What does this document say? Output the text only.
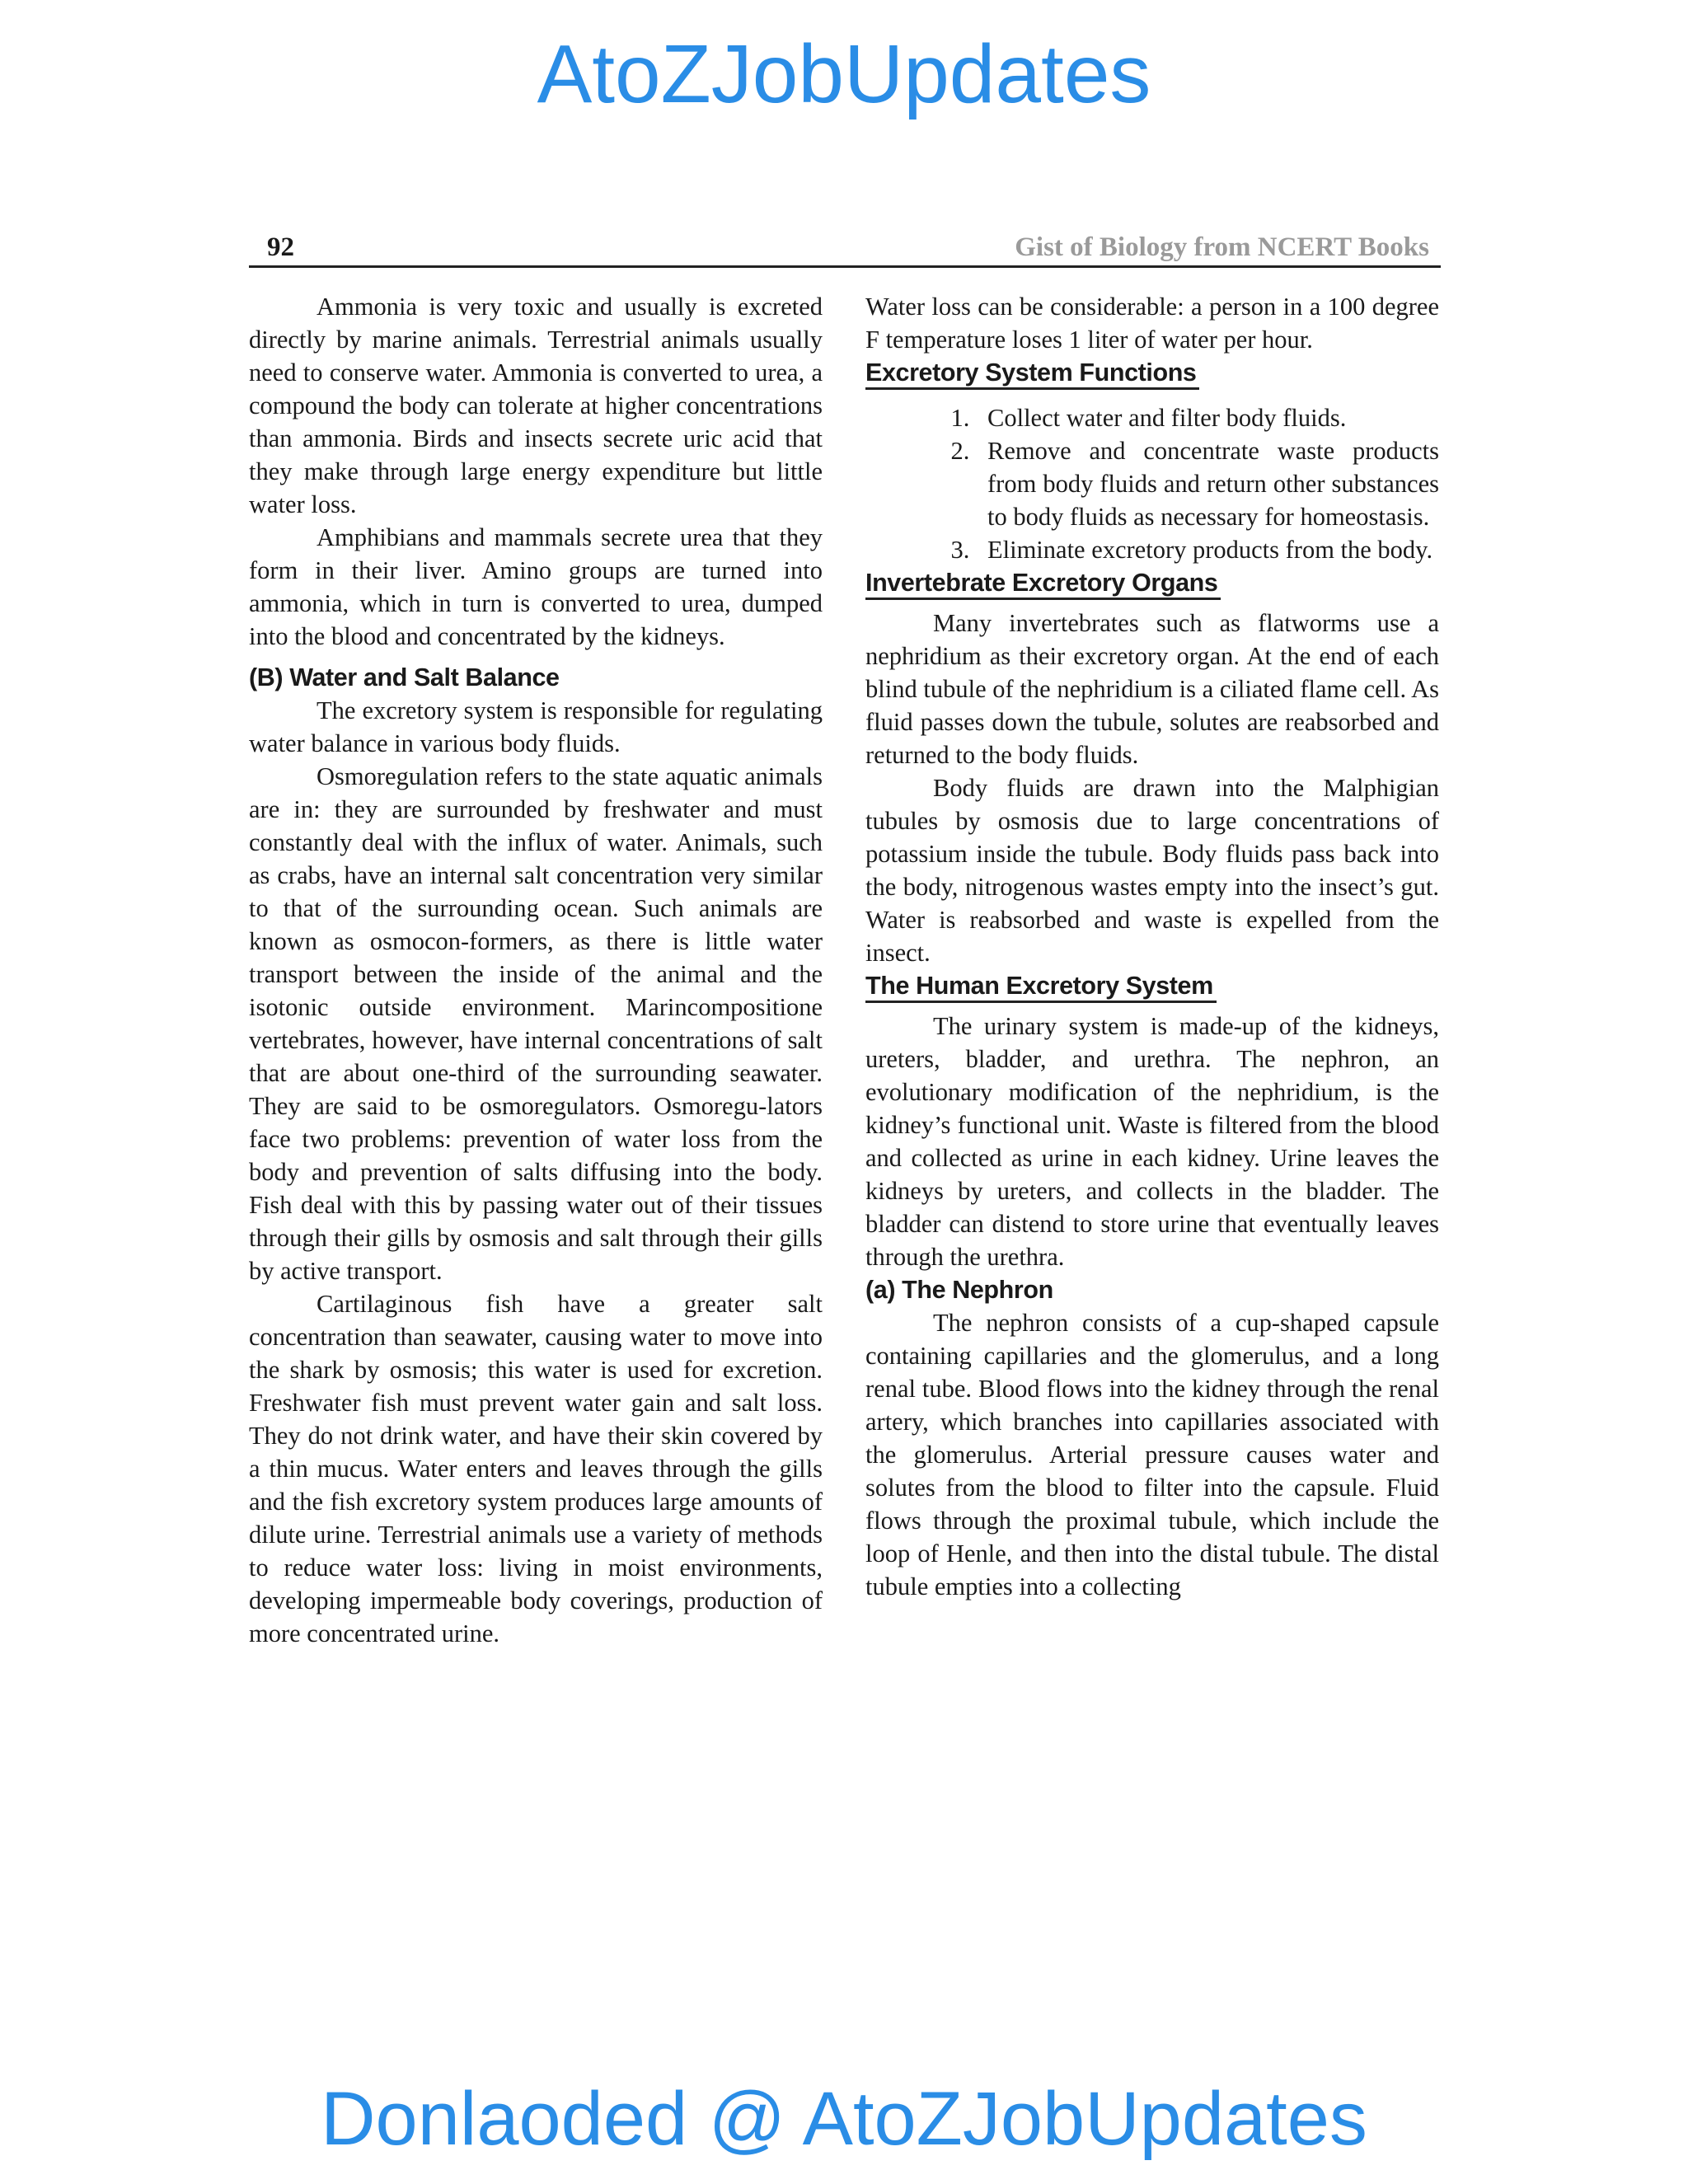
AtoZJobUpdates
92	Gist of Biology from NCERT Books

Ammonia is very toxic and usually is excreted directly by marine animals. Terrestrial animals usually need to conserve water. Ammonia is converted to urea, a compound the body can tolerate at higher concentrations than ammonia. Birds and insects secrete uric acid that they make through large energy expenditure but little water loss.

Amphibians and mammals secrete urea that they form in their liver. Amino groups are turned into ammonia, which in turn is converted to urea, dumped into the blood and concentrated by the kidneys.

(B) Water and Salt Balance

The excretory system is responsible for regulating water balance in various body fluids.

Osmoregulation refers to the state aquatic animals are in: they are surrounded by freshwater and must constantly deal with the influx of water. Animals, such as crabs, have an internal salt concentration very similar to that of the surrounding ocean. Such animals are known as osmocon-formers, as there is little water transport between the inside of the animal and the isotonic outside environment. Marincompositione vertebrates, however, have internal concentrations of salt that are about one-third of the surrounding seawater. They are said to be osmoregulators. Osmoregu-lators face two problems: prevention of water loss from the body and prevention of salts diffusing into the body. Fish deal with this by passing water out of their tissues through their gills by osmosis and salt through their gills by active transport.

Cartilaginous fish have a greater salt concentration than seawater, causing water to move into the shark by osmosis; this water is used for excretion. Freshwater fish must prevent water gain and salt loss. They do not drink water, and have their skin covered by a thin mucus. Water enters and leaves through the gills and the fish excretory system produces large amounts of dilute urine. Terrestrial animals use a variety of methods to reduce water loss: living in moist environments, developing impermeable body coverings, production of more concentrated urine.

Water loss can be considerable: a person in a 100 degree F temperature loses 1 liter of water per hour.

Excretory System Functions
1. Collect water and filter body fluids.
2. Remove and concentrate waste products from body fluids and return other substances to body fluids as necessary for homeostasis.
3. Eliminate excretory products from the body.
Invertebrate Excretory Organs

Many invertebrates such as flatworms use a nephridium as their excretory organ. At the end of each blind tubule of the nephridium is a ciliated flame cell. As fluid passes down the tubule, solutes are reabsorbed and returned to the body fluids.

Body fluids are drawn into the Malphigian tubules by osmosis due to large concentrations of potassium inside the tubule. Body fluids pass back into the body, nitrogenous wastes empty into the insect’s gut. Water is reabsorbed and waste is expelled from the insect.

The Human Excretory System

The urinary system is made-up of the kidneys, ureters, bladder, and urethra. The nephron, an evolutionary modification of the nephridium, is the kidney’s functional unit. Waste is filtered from the blood and collected as urine in each kidney. Urine leaves the kidneys by ureters, and collects in the bladder. The bladder can distend to store urine that eventually leaves through the urethra.

(a) The Nephron

The nephron consists of a cup-shaped capsule containing capillaries and the glomerulus, and a long renal tube. Blood flows into the kidney through the renal artery, which branches into capillaries associated with the glomerulus. Arterial pressure causes water and solutes from the blood to filter into the capsule. Fluid flows through the proximal tubule, which include the loop of Henle, and then into the distal tubule. The distal tubule empties into a collecting

Donlaoded @ AtoZJobUpdates
